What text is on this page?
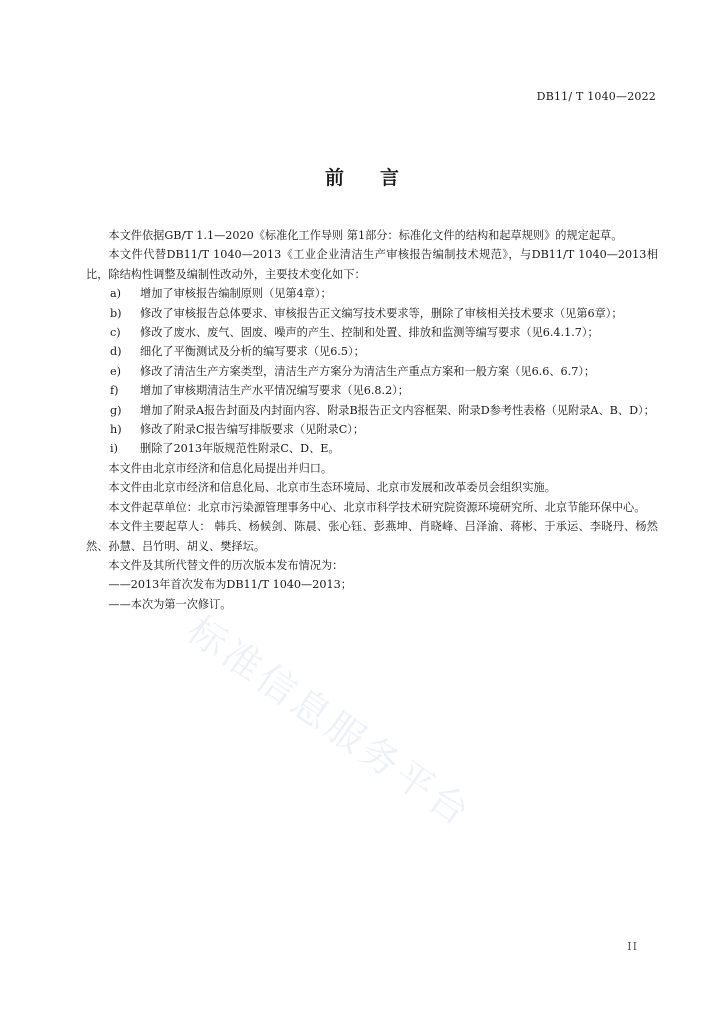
DB11/ T 1040—2022
前言
标准信息服务平台

本文件依据GB/T 1.1—2020《标准化工作导则 第1部分：标准化文件的结构和起草规则》的规定起草。

本文件代替DB11/T 1040—2013《工业企业清洁生产审核报告编制技术规范》，与DB11/T 1040—2013相比，除结构性调整及编制性改动外，主要技术变化如下：

a)	增加了审核报告编制原则（见第4章）；
b)	修改了审核报告总体要求、审核报告正文编写技术要求等，删除了审核相关技术要求（见第6章）；
c)	修改了废水、废气、固废、噪声的产生、控制和处置、排放和监测等编写要求（见6.4.1.7）；
d)	细化了平衡测试及分析的编写要求（见6.5）；
e)	修改了清洁生产方案类型，清洁生产方案分为清洁生产重点方案和一般方案（见6.6、6.7）；
f)	增加了审核期清洁生产水平情况编写要求（见6.8.2）；
g)	增加了附录A报告封面及内封面内容、附录B报告正文内容框架、附录D参考性表格（见附录A、B、D）；
h)	修改了附录C报告编写排版要求（见附录C）；
i)	删除了2013年版规范性附录C、D、E。

本文件由北京市经济和信息化局提出并归口。

本文件由北京市经济和信息化局、北京市生态环境局、北京市发展和改革委员会组织实施。

本文件起草单位：北京市污染源管理事务中心、北京市科学技术研究院资源环境研究所、北京节能环保中心。

本文件主要起草人： 韩兵、杨候剑、陈晨、张心钰、彭燕坤、肖晓峰、吕泽渝、蒋彬、于承运、李晓丹、杨然然、孙慧、吕竹明、胡义、樊择坛。

本文件及其所代替文件的历次版本发布情况为：

——2013年首次发布为DB11/T 1040—2013；

——本次为第一次修订。

II
